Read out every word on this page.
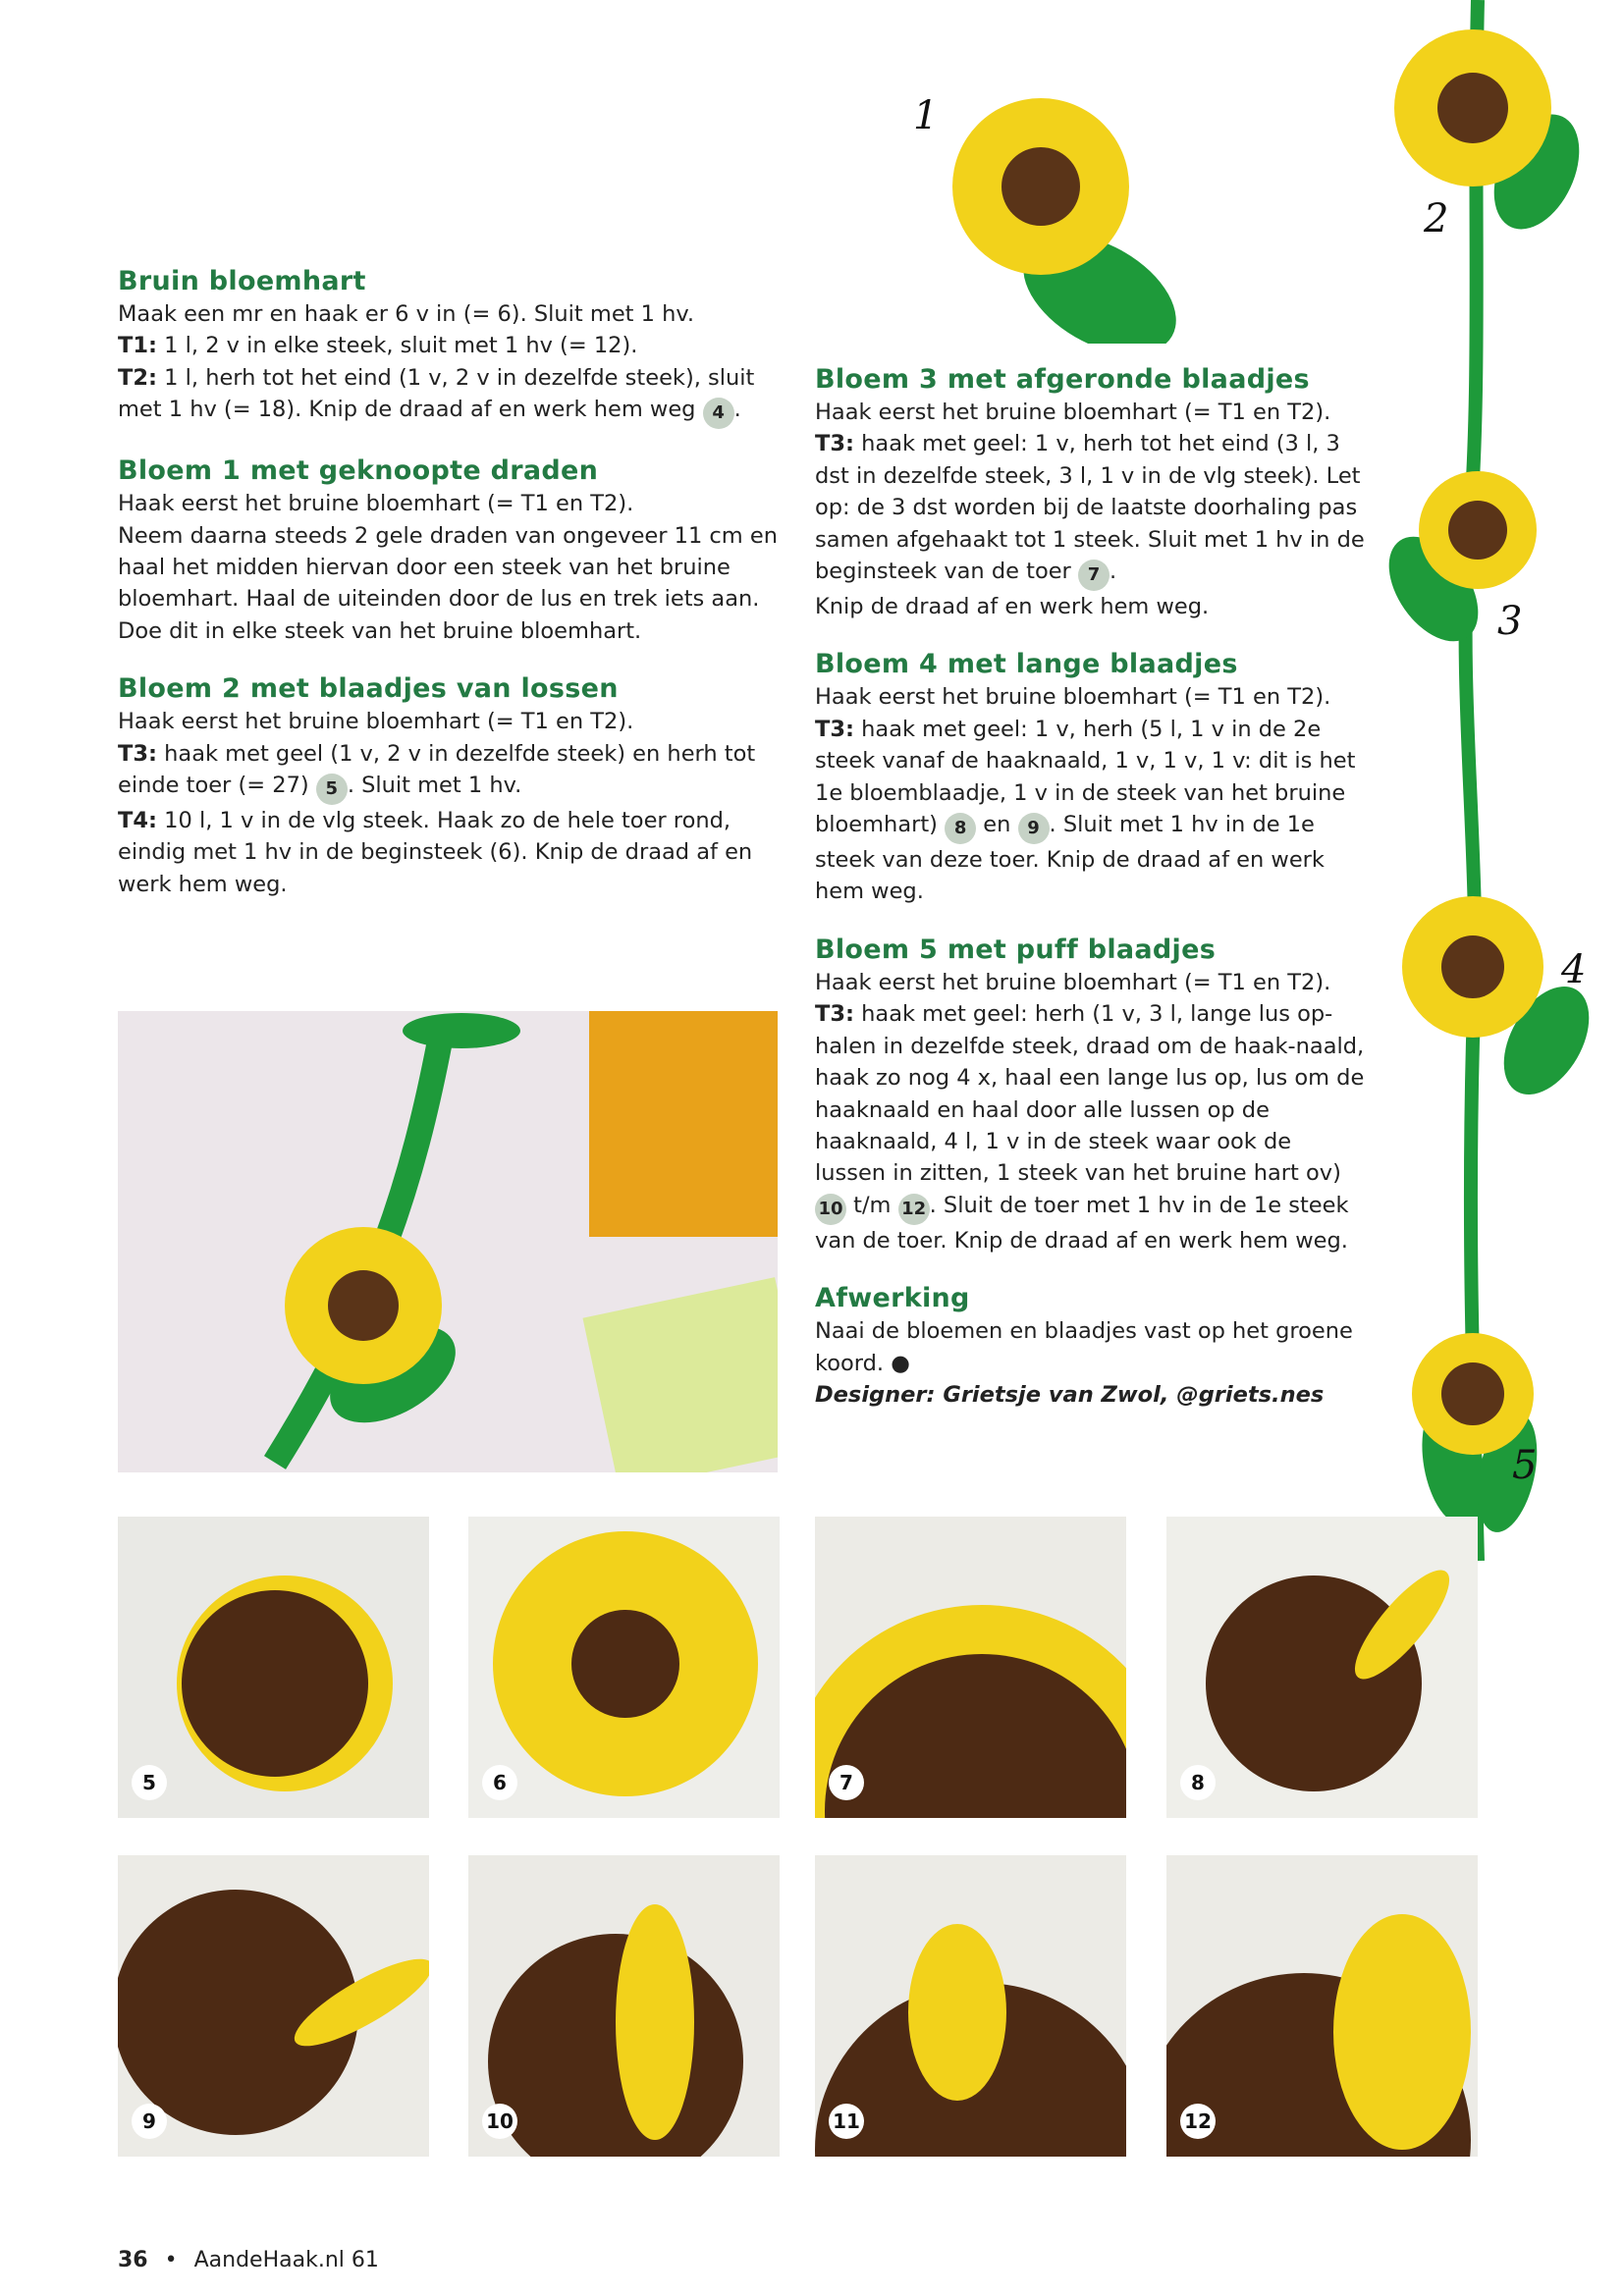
Bruin bloemhart

Maak een mr en haak er 6 v in (= 6). Sluit met 1 hv.

T1: 1 l, 2 v in elke steek, sluit met 1 hv (= 12).

T2: 1 l, herh tot het eind (1 v, 2 v in dezelfde steek), sluit met 1 hv (= 18). Knip de draad af en werk hem weg 4 .

Bloem 1 met geknoopte draden

Haak eerst het bruine bloemhart (= T1 en T2).

Neem daarna steeds 2 gele draden van ongeveer 11 cm en haal het midden hiervan door een steek van het bruine bloemhart. Haal de uiteinden door de lus en trek iets aan. Doe dit in elke steek van het bruine bloemhart.

Bloem 2 met blaadjes van lossen

Haak eerst het bruine bloemhart (= T1 en T2).

T3: haak met geel (1 v, 2 v in dezelfde steek) en herh tot einde toer (= 27) 5 . Sluit met 1 hv.

T4: 10 l, 1 v in de vlg steek. Haak zo de hele toer rond, eindig met 1 hv in de beginsteek (6). Knip de draad af en werk hem weg.

Bloem 3 met afgeronde blaadjes

Haak eerst het bruine bloemhart (= T1 en T2).

T3: haak met geel: 1 v, herh tot het eind (3 l, 3 dst in dezelfde steek, 3 l, 1 v in de vlg steek). Let op: de 3 dst worden bij de laatste doorhaling pas samen afgehaakt tot 1 steek. Sluit met 1 hv in de beginsteek van de toer 7 .

Knip de draad af en werk hem weg.

Bloem 4 met lange blaadjes

Haak eerst het bruine bloemhart (= T1 en T2).

T3: haak met geel: 1 v, herh (5 l, 1 v in de 2e steek vanaf de haaknaald, 1 v, 1 v, 1 v: dit is het 1e bloemblaadje, 1 v in de steek van het bruine bloemhart) 8 en 9 . Sluit met 1 hv in de 1e steek van deze toer. Knip de draad af en werk hem weg.

Bloem 5 met puff blaadjes

Haak eerst het bruine bloemhart (= T1 en T2).

T3: haak met geel: herh (1 v, 3 l, lange lus op-halen in dezelfde steek, draad om de haak-naald, haak zo nog 4 x, haal een lange lus op, lus om de haaknaald en haal door alle lussen op de haaknaald, 4 l, 1 v in de steek waar ook de lussen in zitten, 1 steek van het bruine hart ov) 10 t/m 12 . Sluit de toer met 1 hv in de 1e steek van de toer. Knip de draad af en werk hem weg.

Afwerking

Naai de bloemen en blaadjes vast op het groene koord. ●

Designer: Grietsje van Zwol, @griets.nes

1
2
3
4
5
5	6	7	8
9	10	11	12
36 • AandeHaak.nl 61
